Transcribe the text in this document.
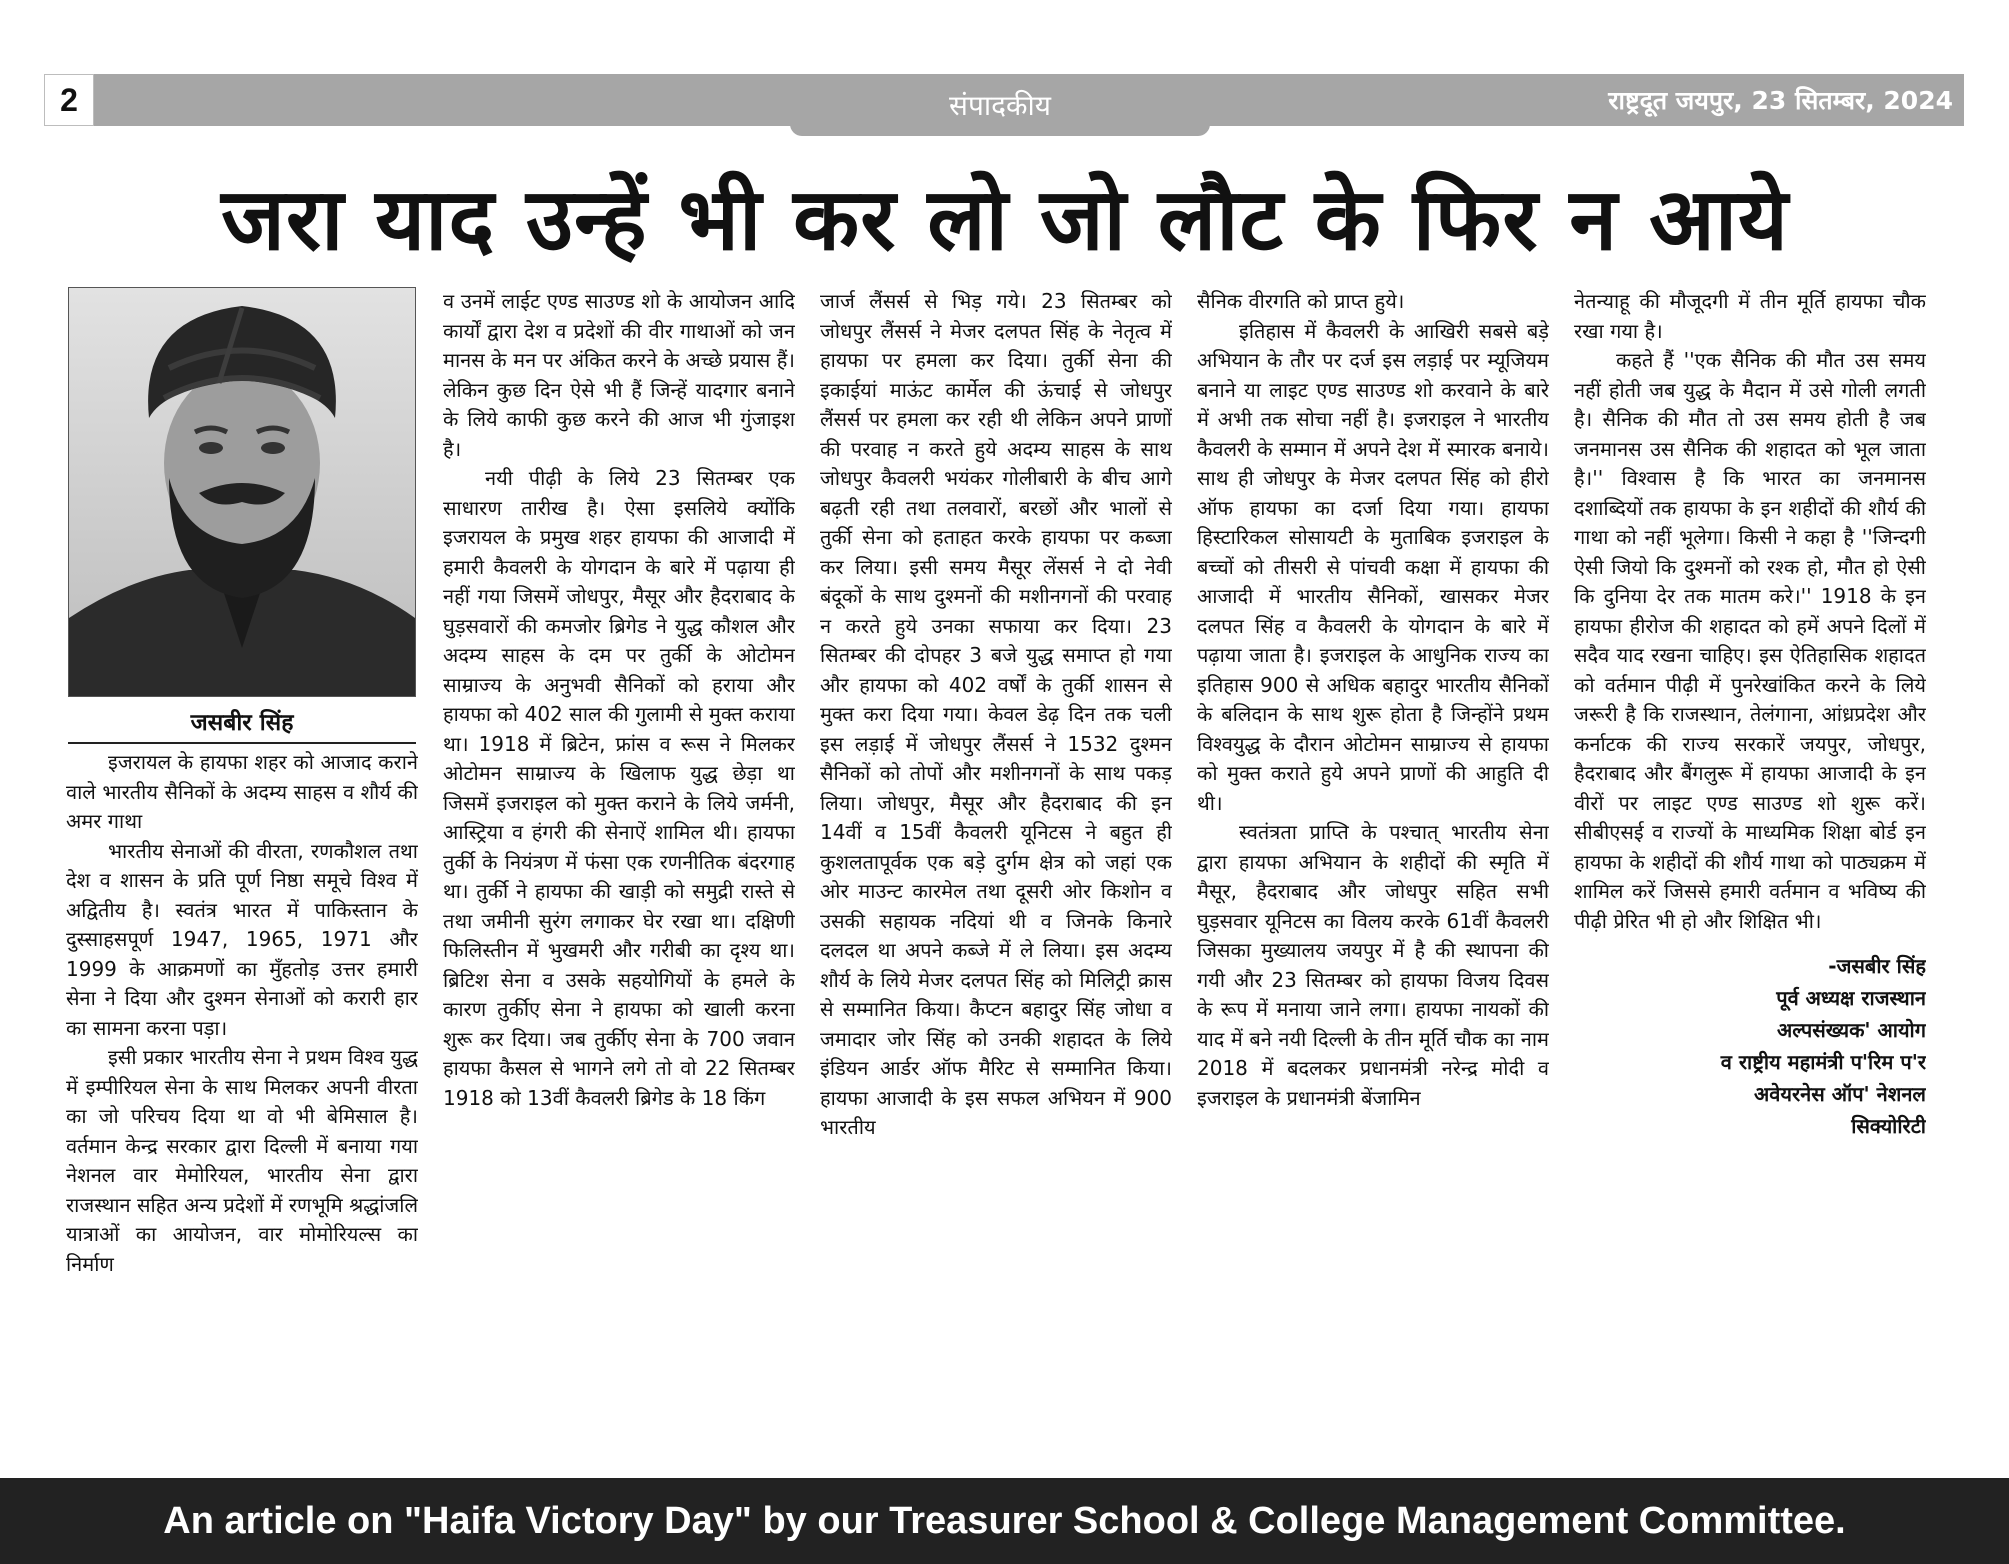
2	संपादकीय	राष्ट्रदूत जयपुर, 23 सितम्बर, 2024
जरा याद उन्हें भी कर लो जो लौट के फिर न आये
जसबीर सिंह

इजरायल के हायफा शहर को आजाद कराने वाले भारतीय सैनिकों के अदम्य साहस व शौर्य की अमर गाथा

भारतीय सेनाओं की वीरता, रणकौशल तथा देश व शासन के प्रति पूर्ण निष्ठा समूचे विश्व में अद्वितीय है। स्वतंत्र भारत में पाकिस्तान के दुस्साहसपूर्ण 1947, 1965, 1971 और 1999 के आक्रमणों का मुँहतोड़ उत्तर हमारी सेना ने दिया और दुश्मन सेनाओं को करारी हार का सामना करना पड़ा।

इसी प्रकार भारतीय सेना ने प्रथम विश्व युद्ध में इम्पीरियल सेना के साथ मिलकर अपनी वीरता का जो परिचय दिया था वो भी बेमिसाल है। वर्तमान केन्द्र सरकार द्वारा दिल्ली में बनाया गया नेशनल वार मेमोरियल, भारतीय सेना द्वारा राजस्थान सहित अन्य प्रदेशों में रणभूमि श्रद्धांजलि यात्राओं का आयोजन, वार मोमोरियल्स का निर्माण

व उनमें लाईट एण्ड साउण्ड शो के आयोजन आदि कार्यों द्वारा देश व प्रदेशों की वीर गाथाओं को जन मानस के मन पर अंकित करने के अच्छे प्रयास हैं। लेकिन कुछ दिन ऐसे भी हैं जिन्हें यादगार बनाने के लिये काफी कुछ करने की आज भी गुंजाइश है।

नयी पीढ़ी के लिये 23 सितम्बर एक साधारण तारीख है। ऐसा इसलिये क्योंकि इजरायल के प्रमुख शहर हायफा की आजादी में हमारी कैवलरी के योगदान के बारे में पढ़ाया ही नहीं गया जिसमें जोधपुर, मैसूर और हैदराबाद के घुड़सवारों की कमजोर ब्रिगेड ने युद्ध कौशल और अदम्य साहस के दम पर तुर्की के ओटोमन साम्राज्य के अनुभवी सैनिकों को हराया और हायफा को 402 साल की गुलामी से मुक्त कराया था। 1918 में ब्रिटेन, फ्रांस व रूस ने मिलकर ओटोमन साम्राज्य के खिलाफ युद्ध छेड़ा था जिसमें इजराइल को मुक्त कराने के लिये जर्मनी, आस्ट्रिया व हंगरी की सेनाऐं शामिल थी। हायफा तुर्की के नियंत्रण में फंसा एक रणनीतिक बंदरगाह था। तुर्की ने हायफा की खाड़ी को समुद्री रास्ते से तथा जमीनी सुरंग लगाकर घेर रखा था। दक्षिणी फिलिस्तीन में भुखमरी और गरीबी का दृश्य था। ब्रिटिश सेना व उसके सहयोगियों के हमले के कारण तुर्कीए सेना ने हायफा को खाली करना शुरू कर दिया। जब तुर्कीए सेना के 700 जवान हायफा कैसल से भागने लगे तो वो 22 सितम्बर 1918 को 13वीं कैवलरी ब्रिगेड के 18 किंग

जार्ज लैंसर्स से भिड़ गये। 23 सितम्बर को जोधपुर लैंसर्स ने मेजर दलपत सिंह के नेतृत्व में हायफा पर हमला कर दिया। तुर्की सेना की इकाईयां माऊंट कार्मेल की ऊंचाई से जोधपुर लैंसर्स पर हमला कर रही थी लेकिन अपने प्राणों की परवाह न करते हुये अदम्य साहस के साथ जोधपुर कैवलरी भयंकर गोलीबारी के बीच आगे बढ़ती रही तथा तलवारों, बरछों और भालों से तुर्की सेना को हताहत करके हायफा पर कब्जा कर लिया। इसी समय मैसूर लेंसर्स ने दो नेवी बंदूकों के साथ दुश्मनों की मशीनगनों की परवाह न करते हुये उनका सफाया कर दिया। 23 सितम्बर की दोपहर 3 बजे युद्ध समाप्त हो गया और हायफा को 402 वर्षों के तुर्की शासन से मुक्त करा दिया गया। केवल डेढ़ दिन तक चली इस लड़ाई में जोधपुर लैंसर्स ने 1532 दुश्मन सैनिकों को तोपों और मशीनगनों के साथ पकड़ लिया। जोधपुर, मैसूर और हैदराबाद की इन 14वीं व 15वीं कैवलरी यूनिटस ने बहुत ही कुशलतापूर्वक एक बड़े दुर्गम क्षेत्र को जहां एक ओर माउन्ट कारमेल तथा दूसरी ओर किशोन व उसकी सहायक नदियां थी व जिनके किनारे दलदल था अपने कब्जे में ले लिया। इस अदम्य शौर्य के लिये मेजर दलपत सिंह को मिलिट्री क्रास से सम्मानित किया। कैप्टन बहादुर सिंह जोधा व जमादार जोर सिंह को उनकी शहादत के लिये इंडियन आर्डर ऑफ मैरिट से सम्मानित किया। हायफा आजादी के इस सफल अभियन में 900 भारतीय

सैनिक वीरगति को प्राप्त हुये।

इतिहास में कैवलरी के आखिरी सबसे बड़े अभियान के तौर पर दर्ज इस लड़ाई पर म्यूजियम बनाने या लाइट एण्ड साउण्ड शो करवाने के बारे में अभी तक सोचा नहीं है। इजराइल ने भारतीय कैवलरी के सम्मान में अपने देश में स्मारक बनाये। साथ ही जोधपुर के मेजर दलपत सिंह को हीरो ऑफ हायफा का दर्जा दिया गया। हायफा हिस्टारिकल सोसायटी के मुताबिक इजराइल के बच्चों को तीसरी से पांचवी कक्षा में हायफा की आजादी में भारतीय सैनिकों, खासकर मेजर दलपत सिंह व कैवलरी के योगदान के बारे में पढ़ाया जाता है। इजराइल के आधुनिक राज्य का इतिहास 900 से अधिक बहादुर भारतीय सैनिकों के बलिदान के साथ शुरू होता है जिन्होंने प्रथम विश्वयुद्ध के दौरान ओटोमन साम्राज्य से हायफा को मुक्त कराते हुये अपने प्राणों की आहुति दी थी।

स्वतंत्रता प्राप्ति के पश्चात् भारतीय सेना द्वारा हायफा अभियान के शहीदों की स्मृति में मैसूर, हैदराबाद और जोधपुर सहित सभी घुड़सवार यूनिटस का विलय करके 61वीं कैवलरी जिसका मुख्यालय जयपुर में है की स्थापना की गयी और 23 सितम्बर को हायफा विजय दिवस के रूप में मनाया जाने लगा। हायफा नायकों की याद में बने नयी दिल्ली के तीन मूर्ति चौक का नाम 2018 में बदलकर प्रधानमंत्री नरेन्द्र मोदी व इजराइल के प्रधानमंत्री बेंजामिन

नेतन्याहू की मौजूदगी में तीन मूर्ति हायफा चौक रखा गया है।

कहते हैं ''एक सैनिक की मौत उस समय नहीं होती जब युद्ध के मैदान में उसे गोली लगती है। सैनिक की मौत तो उस समय होती है जब जनमानस उस सैनिक की शहादत को भूल जाता है।'' विश्वास है कि भारत का जनमानस दशाब्दियों तक हायफा के इन शहीदों की शौर्य की गाथा को नहीं भूलेगा। किसी ने कहा है ''जिन्दगी ऐसी जियो कि दुश्मनों को रश्क हो, मौत हो ऐसी कि दुनिया देर तक मातम करे।'' 1918 के इन हायफा हीरोज की शहादत को हमें अपने दिलों में सदैव याद रखना चाहिए। इस ऐतिहासिक शहादत को वर्तमान पीढ़ी में पुनरेखांकित करने के लिये जरूरी है कि राजस्थान, तेलंगाना, आंध्रप्रदेश और कर्नाटक की राज्य सरकारें जयपुर, जोधपुर, हैदराबाद और बैंगलुरू में हायफा आजादी के इन वीरों पर लाइट एण्ड साउण्ड शो शुरू करें। सीबीएसई व राज्यों के माध्यमिक शिक्षा बोर्ड इन हायफा के शहीदों की शौर्य गाथा को पाठ्यक्रम में शामिल करें जिससे हमारी वर्तमान व भविष्य की पीढ़ी प्रेरित भी हो और शिक्षित भी।

-जसबीर सिंह
पूर्व अध्यक्ष राजस्थान
अल्पसंख्यक' आयोग
व राष्ट्रीय महामंत्री प'रिम प'र
अवेयरनेस ऑप' नेशनल
सिक्योरिटी
An article on "Haifa Victory Day" by our Treasurer School & College Management Committee.
